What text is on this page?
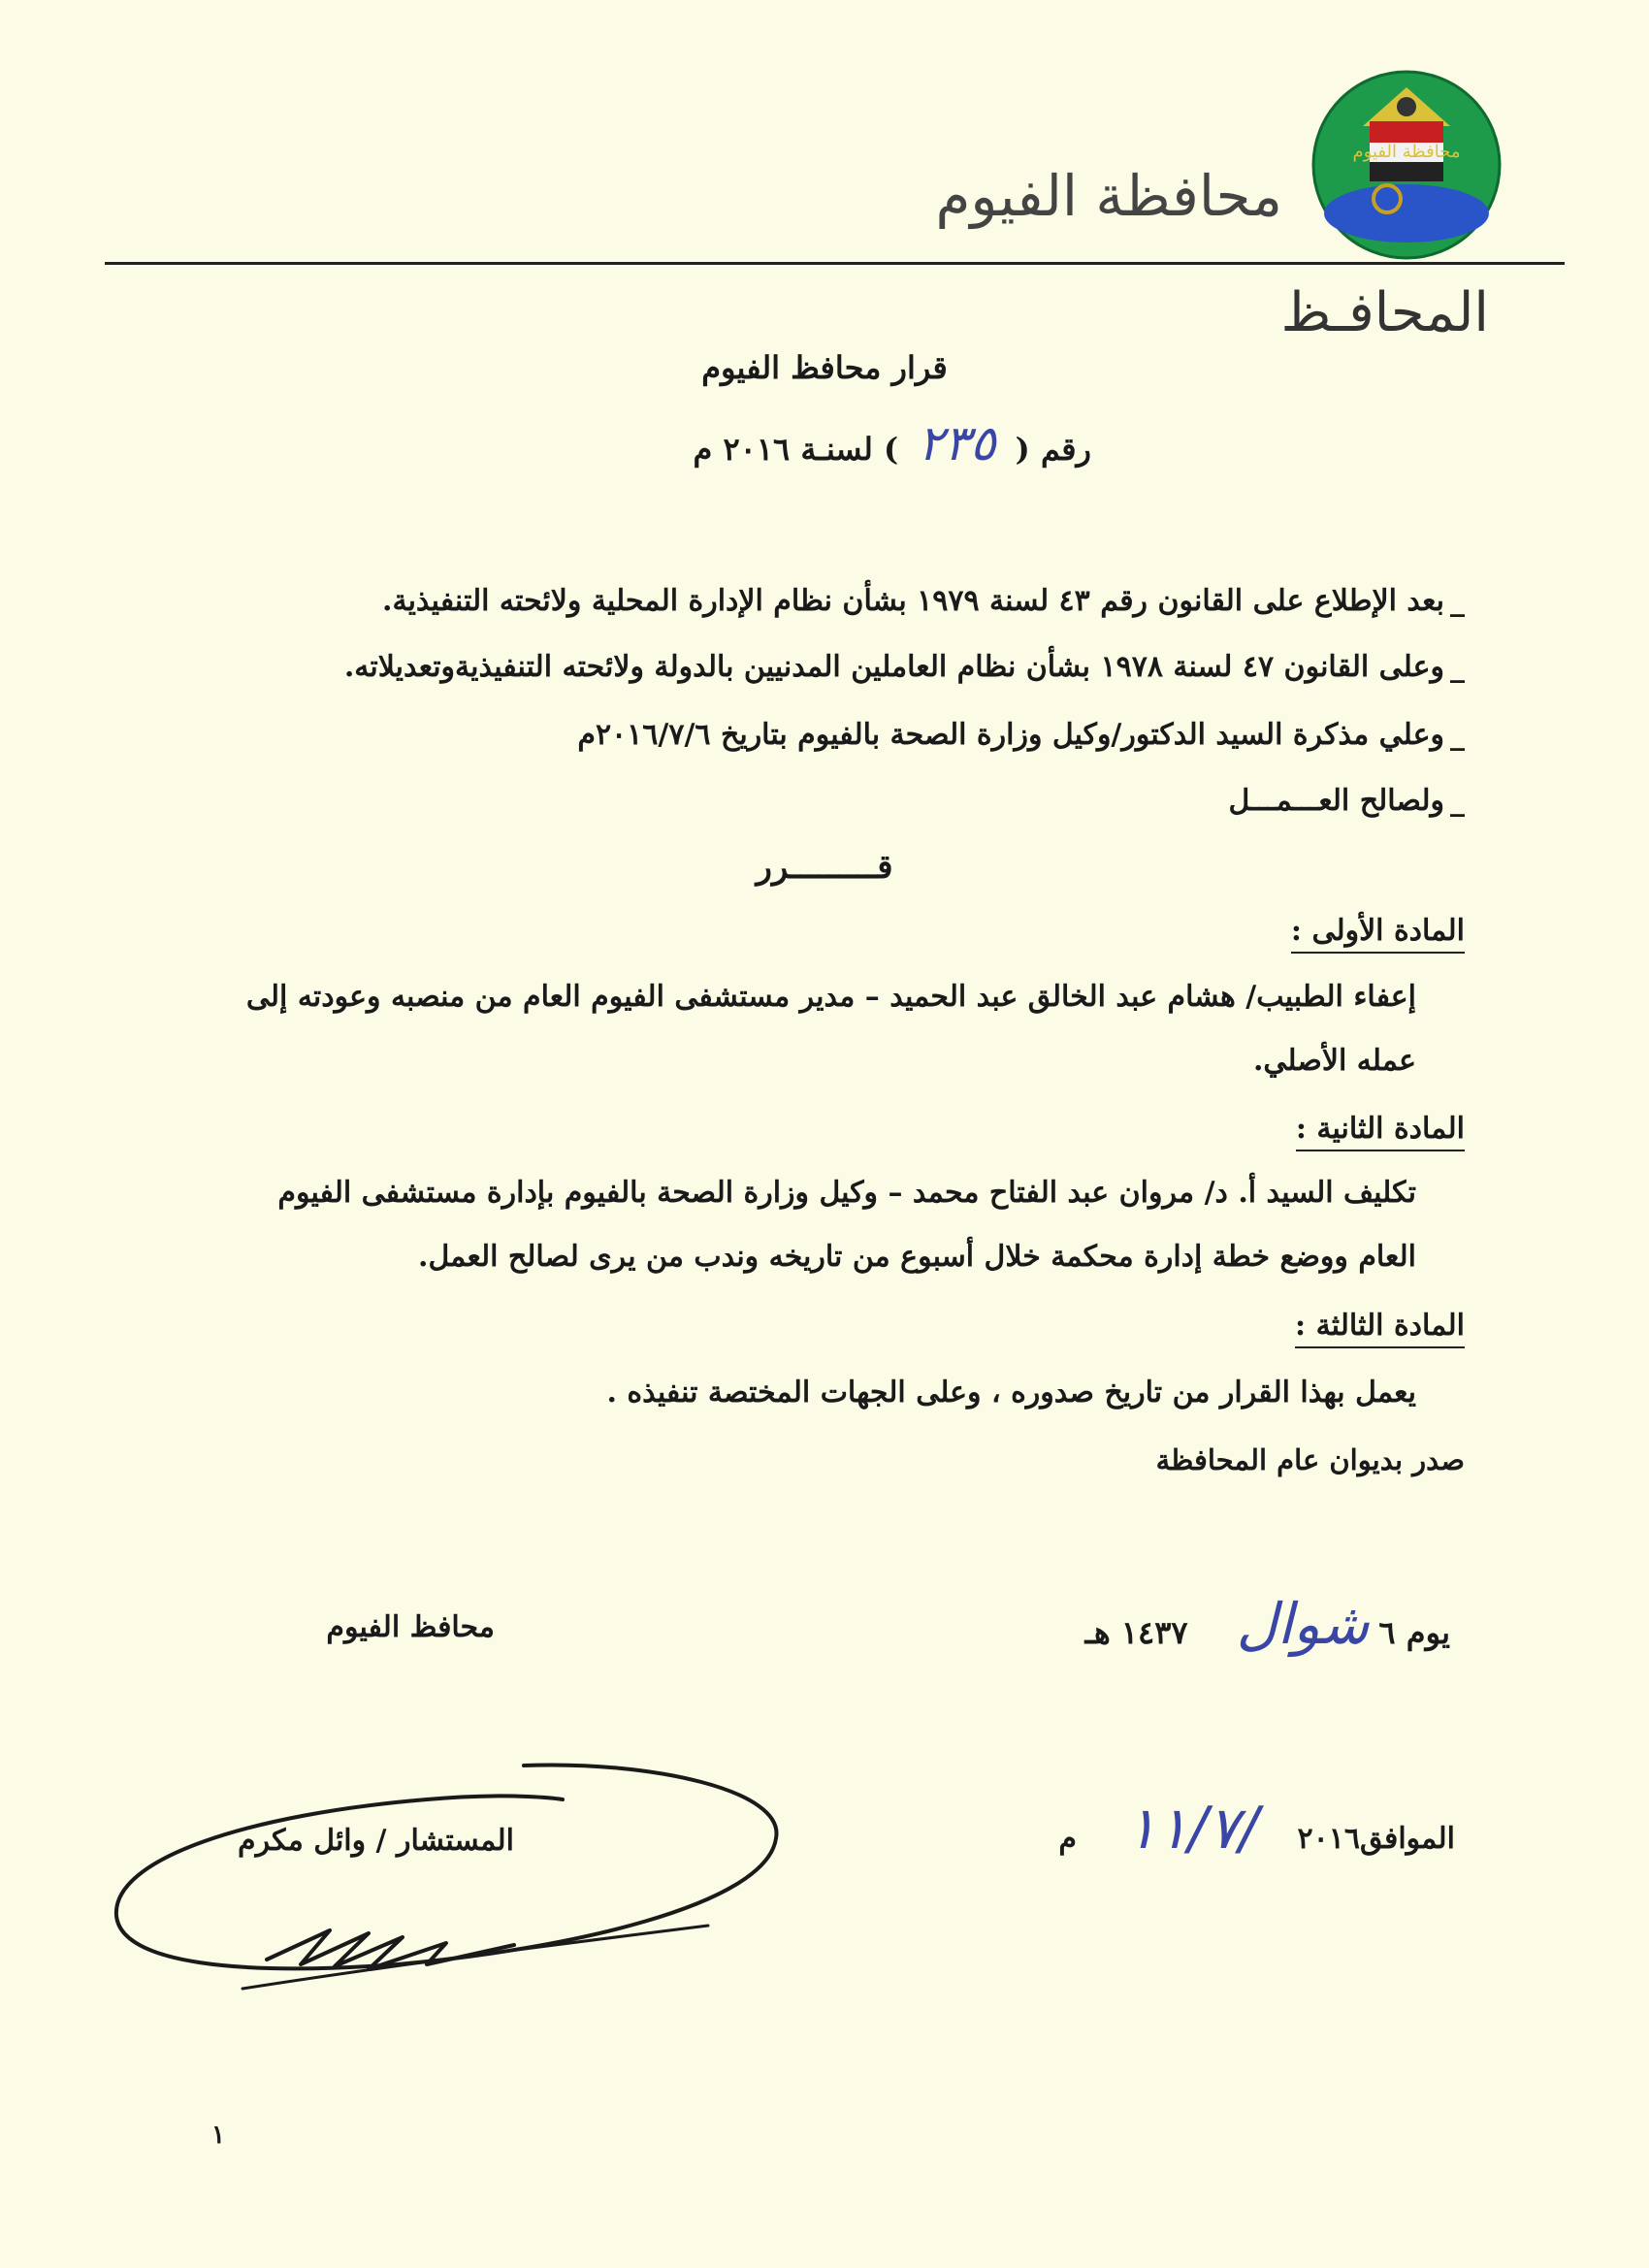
محافظة الفيوم
محافظة الفيوم
المحافـظ
قرار محافظ الفيوم
رقم (٢٣٥) لسنـة ٢٠١٦ م
_بعد الإطلاع على القانون رقم ٤٣ لسنة ١٩٧٩ بشأن نظام الإدارة المحلية ولائحته التنفيذية.
_وعلى القانون ٤٧ لسنة ١٩٧٨ بشأن نظام العاملين المدنيين بالدولة ولائحته التنفيذيةوتعديلاته.
_وعلي مذكرة السيد الدكتور/وكيل وزارة الصحة بالفيوم بتاريخ ٢٠١٦/٧/٦م
_ولصالح العـــمـــل
قـــــــــرر
المادة الأولى :
إعفاء الطبيب/ هشام عبد الخالق عبد الحميد – مدير مستشفى الفيوم العام من منصبه وعودته إلى
عمله الأصلي.
المادة الثانية :
تكليف السيد أ. د/ مروان عبد الفتاح محمد – وكيل وزارة الصحة بالفيوم بإدارة مستشفى الفيوم
العام ووضع خطة إدارة محكمة خلال أسبوع من تاريخه وندب من يرى لصالح العمل.
المادة الثالثة :
يعمل بهذا القرار من تاريخ صدوره ، وعلى الجهات المختصة تنفيذه .
صدر بديوان عام المحافظة
محافظ الفيوم	يوم ٦شوال١٤٣٧ هـ
المستشار / وائل مكرم	الموافق١١/٧/٢٠١٦ م
١
